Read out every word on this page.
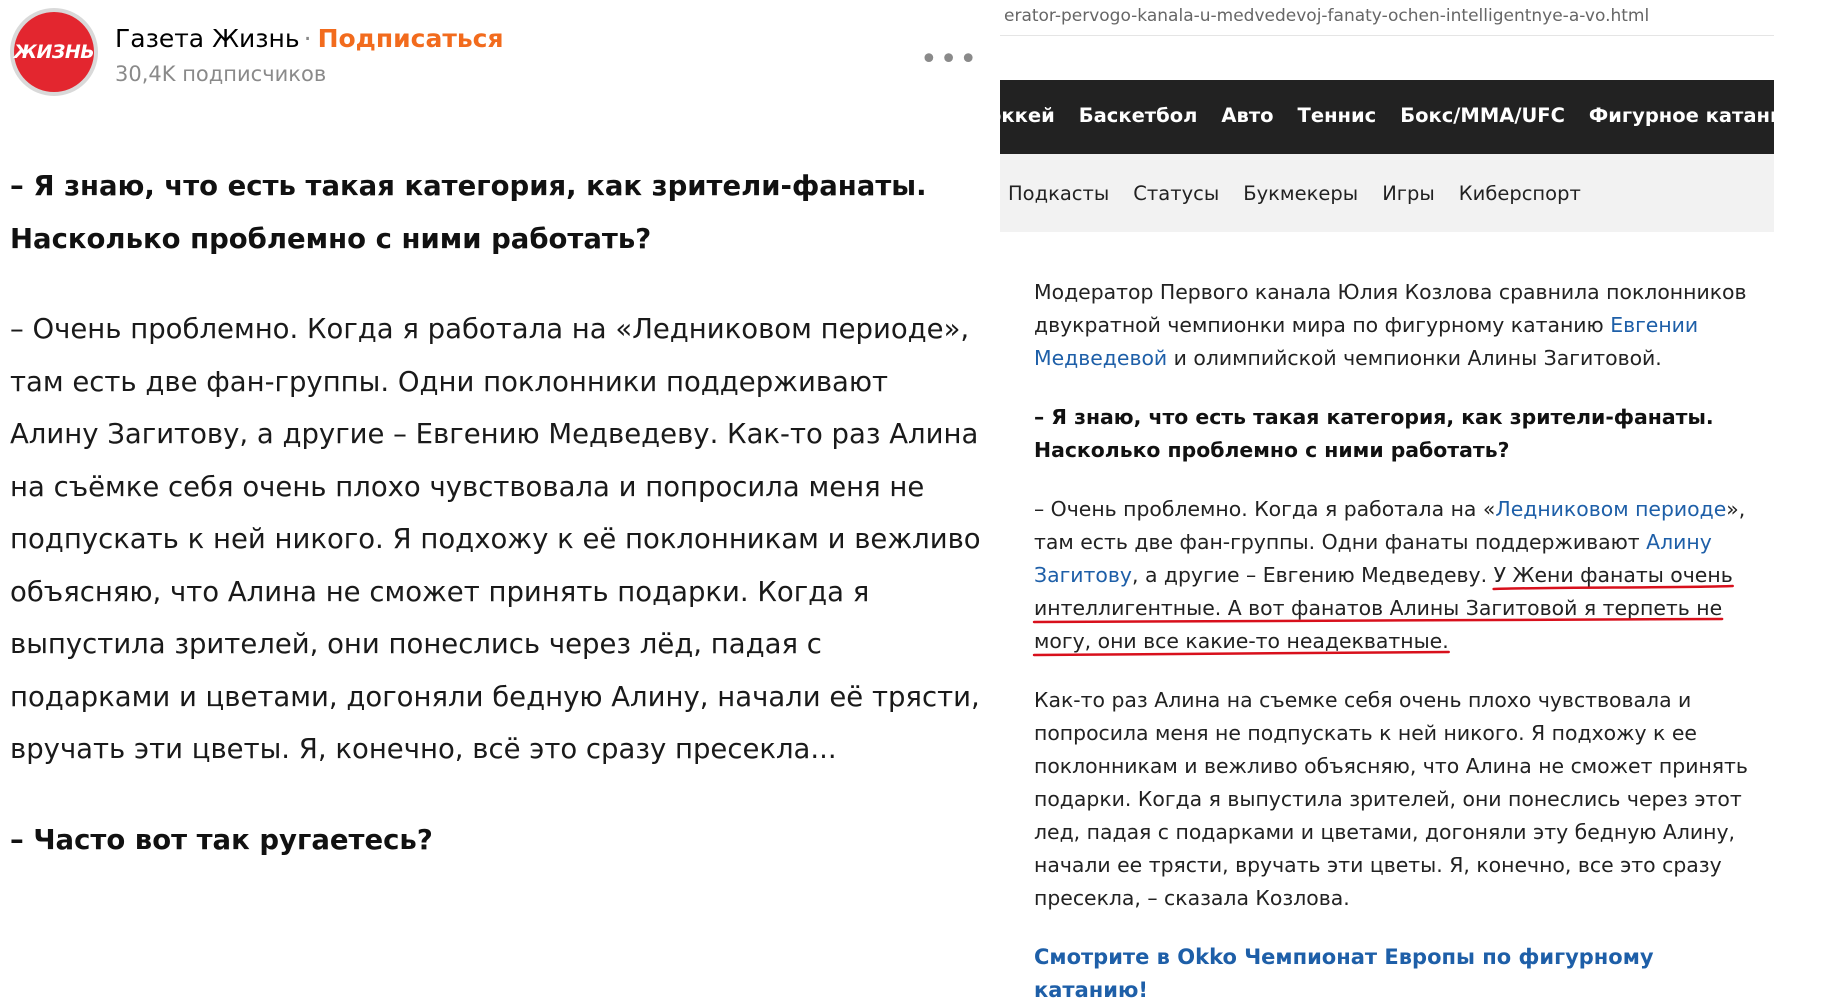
ЖИЗНЬ Газета Жизнь · Подписаться
30,4K подписчиков	•••

– Я знаю, что есть такая категория, как зрители-фанаты. Насколько проблемно с ними работать?

– Очень проблемно. Когда я работала на «Ледниковом периоде», там есть две фан-группы. Одни поклонники поддерживают Алину Загитову, а другие – Евгению Медведеву. Как-то раз Алина на съёмке себя очень плохо чувствовала и попросила меня не подпускать к ней никого. Я подхожу к её поклонникам и вежливо объясняю, что Алина не сможет принять подарки. Когда я выпустила зрителей, они понеслись через лёд, падая с подарками и цветами, догоняли бедную Алину, начали её трясти, вручать эти цветы. Я, конечно, всё это сразу пресекла...

– Часто вот так ругаетесь?

erator-pervogo-kanala-u-medvedevoj-fanaty-ochen-intelligentnye-a-vo.html
оккей Баскетбол Авто Теннис Бокс/ММА/UFC Фигурное катание
Подкасты Статусы Букмекеры Игры Киберспорт

Модератор Первого канала Юлия Козлова сравнила поклонников двукратной чемпионки мира по фигурному катанию Евгении Медведевой и олимпийской чемпионки Алины Загитовой.

– Я знаю, что есть такая категория, как зрители-фанаты. Насколько проблемно с ними работать?

– Очень проблемно. Когда я работала на «Ледниковом периоде», там есть две фан-группы. Одни фанаты поддерживают Алину Загитову, а другие – Евгению Медведеву. У Жени фанаты очень интеллигентные. А вот фанатов Алины Загитовой я терпеть не могу, они все какие-то неадекватные.

Как-то раз Алина на съемке себя очень плохо чувствовала и попросила меня не подпускать к ней никого. Я подхожу к ее поклонникам и вежливо объясняю, что Алина не сможет принять подарки. Когда я выпустила зрителей, они понеслись через этот лед, падая с подарками и цветами, догоняли эту бедную Алину, начали ее трясти, вручать эти цветы. Я, конечно, все это сразу пресекла, – сказала Козлова.

Смотрите в Okko Чемпионат Европы по фигурному катанию!
